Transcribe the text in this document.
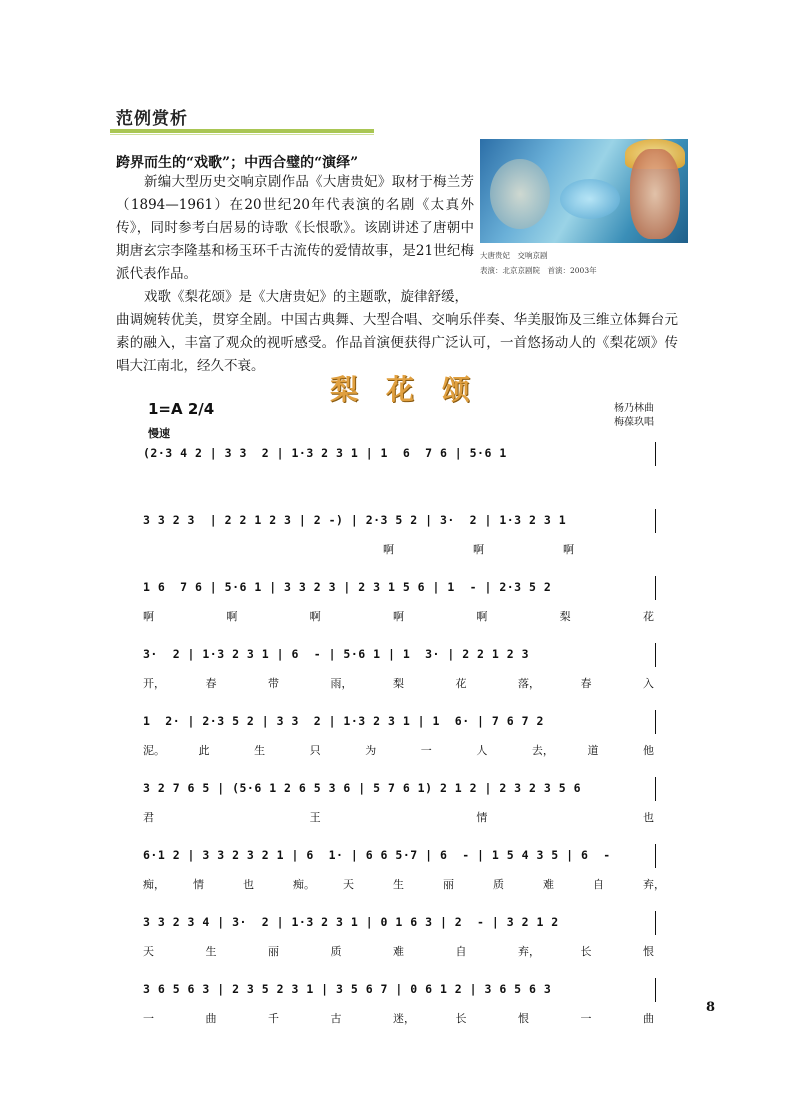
范例赏析
跨界而生的“戏歌”；中西合璧的“演绎”

新编大型历史交响京剧作品《大唐贵妃》取材于梅兰芳（1894—1961）在20世纪20年代表演的名剧《太真外传》，同时参考白居易的诗歌《长恨歌》。该剧讲述了唐朝中期唐玄宗李隆基和杨玉环千古流传的爱情故事，是21世纪梅派代表作品。

戏歌《梨花颂》是《大唐贵妃》的主题歌，旋律舒缓，

曲调婉转优美，贯穿全剧。中国古典舞、大型合唱、交响乐伴奏、华美服饰及三维立体舞台元素的融入，丰富了观众的视听感受。作品首演便获得广泛认可，一首悠扬动人的《梨花颂》传唱大江南北，经久不衰。

大唐贵妃　交响京剧
表演：北京京剧院　首演：2003年
梨花颂
杨乃林曲
梅葆玖唱
1=A 2/4
慢速
(2·3 4 2 | 3 3  2 | 1·3 2 3 1 | 1  6  7 6 | 5·6 1
3 3 2 3  | 2 2 1 2 3 | 2 -) | 2·3 5 2 | 3·  2 | 1·3 2 3 1
啊	啊	啊
1 6  7 6 | 5·6 1 | 3 3 2 3 | 2 3 1 5 6 | 1  - | 2·3 5 2
啊	啊	啊	啊	啊	梨	花
3·  2 | 1·3 2 3 1 | 6  - | 5·6 1 | 1  3· | 2 2 1 2 3
开，	春	带	雨，	梨	花	落，	春	入
1  2· | 2·3 5 2 | 3 3  2 | 1·3 2 3 1 | 1  6· | 7 6 7 2
泥。	此	生	只	为	一	人	去，	道	他
3 2 7 6 5 | (5·6 1 2 6 5 3 6 | 5 7 6 1) 2 1 2 | 2 3 2 3 5 6
君	王	情	也
6·1 2 | 3 3 2 3 2 1 | 6  1· | 6 6 5·7 | 6  - | 1 5 4 3 5 | 6  -
痴，	情	也	痴。	天	生	丽	质	难	自	弃，
3 3 2 3 4 | 3·  2 | 1·3 2 3 1 | 0 1 6 3 | 2  - | 3 2 1 2
天	生	丽	质	难	自	弃，	长	恨
3 6 5 6 3 | 2 3 5 2 3 1 | 3 5 6 7 | 0 6 1 2 | 3 6 5 6 3
一	曲	千	古	迷，	长	恨	一	曲
8
